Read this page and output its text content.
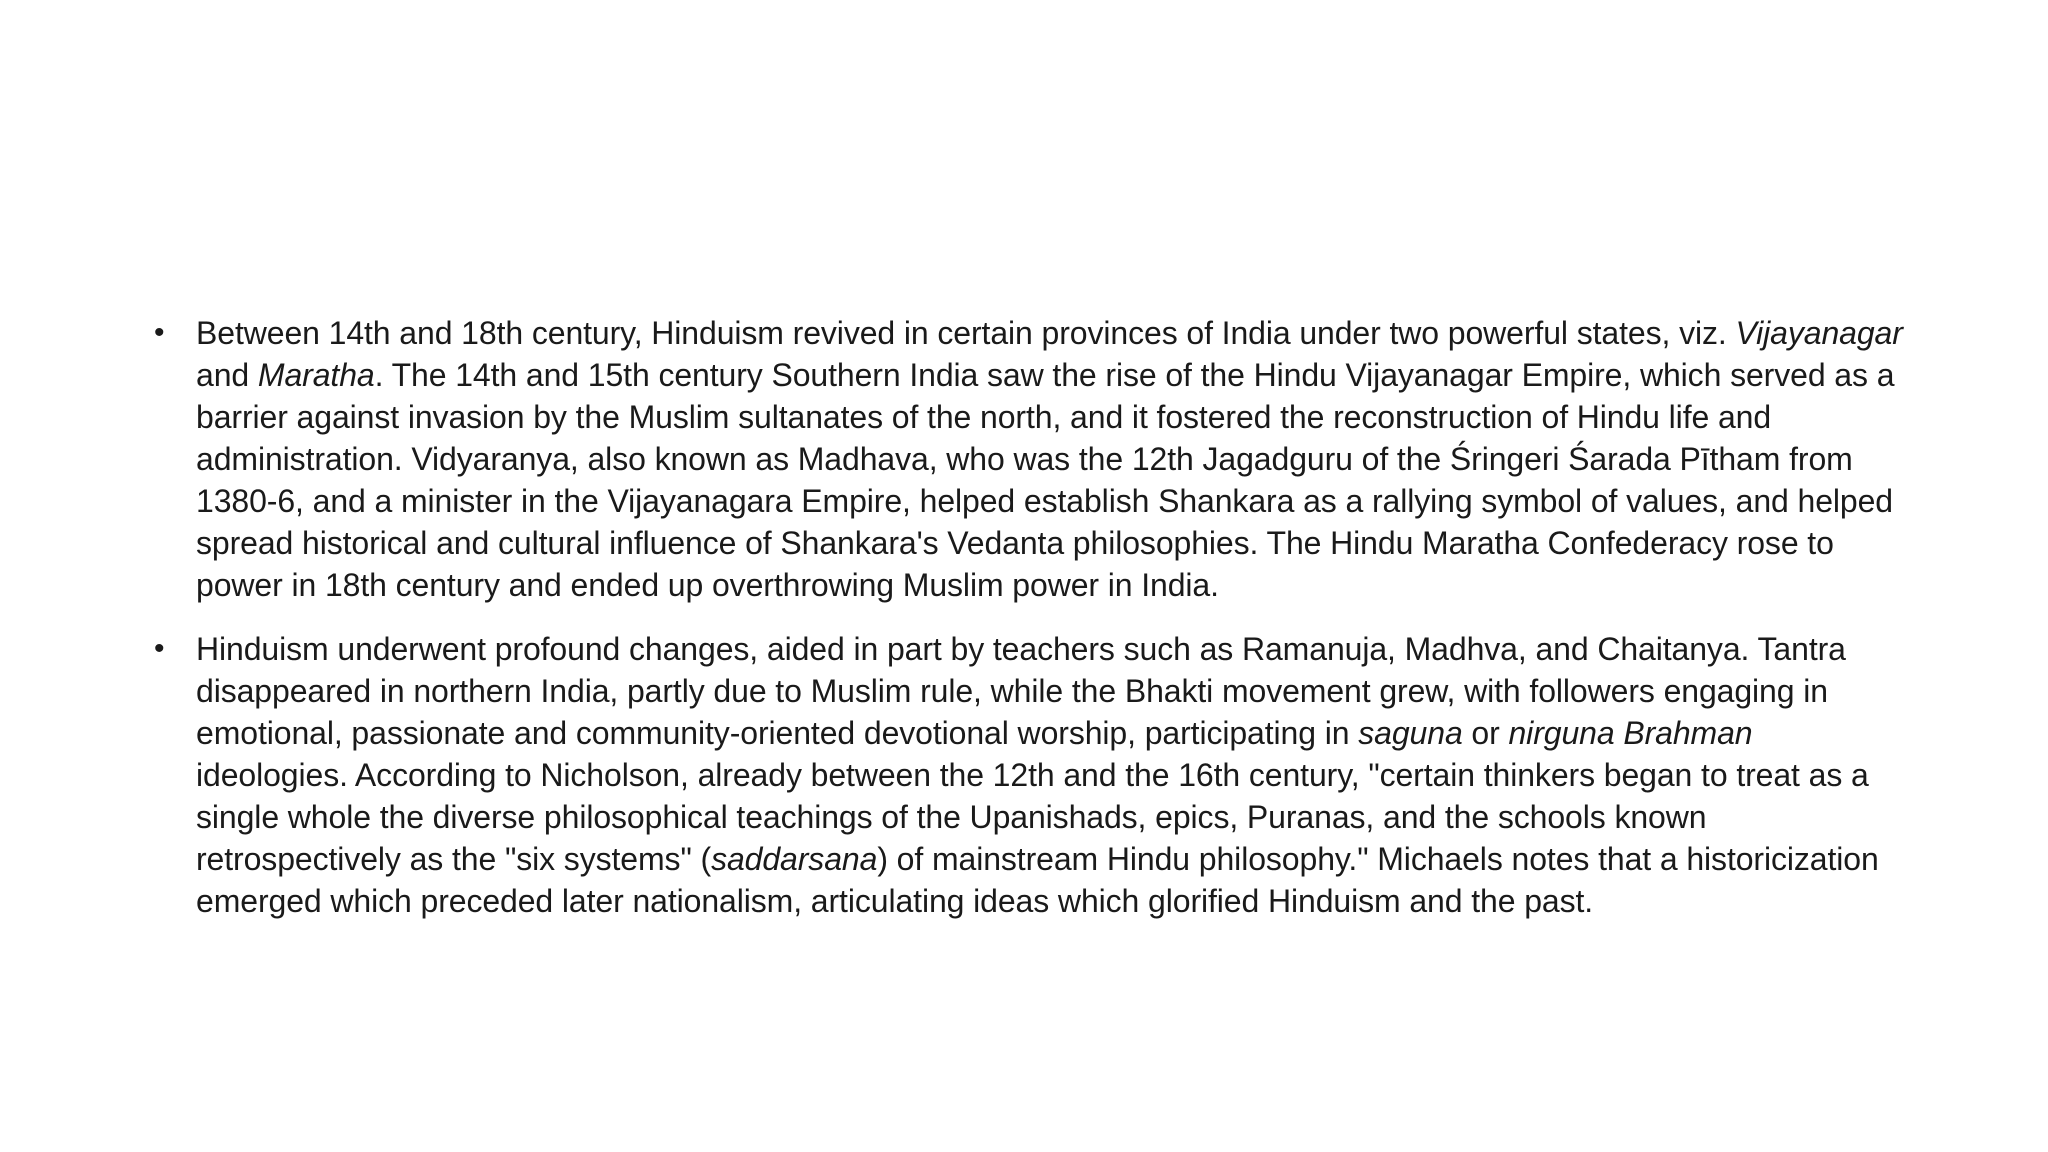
• Between 14th and 18th century, Hinduism revived in certain provinces of India under two powerful states, viz. Vijayanagar and Maratha. The 14th and 15th century Southern India saw the rise of the Hindu Vijayanagar Empire, which served as a barrier against invasion by the Muslim sultanates of the north, and it fostered the reconstruction of Hindu life and administration. Vidyaranya, also known as Madhava, who was the 12th Jagadguru of the Śringeri Śarada Pītham from 1380-6, and a minister in the Vijayanagara Empire, helped establish Shankara as a rallying symbol of values, and helped spread historical and cultural influence of Shankara's Vedanta philosophies. The Hindu Maratha Confederacy rose to power in 18th century and ended up overthrowing Muslim power in India.
• Hinduism underwent profound changes, aided in part by teachers such as Ramanuja, Madhva, and Chaitanya. Tantra disappeared in northern India, partly due to Muslim rule, while the Bhakti movement grew, with followers engaging in emotional, passionate and community-oriented devotional worship, participating in saguna or nirguna Brahman ideologies. According to Nicholson, already between the 12th and the 16th century, "certain thinkers began to treat as a single whole the diverse philosophical teachings of the Upanishads, epics, Puranas, and the schools known retrospectively as the "six systems" (saddarsana) of mainstream Hindu philosophy." Michaels notes that a historicization emerged which preceded later nationalism, articulating ideas which glorified Hinduism and the past.
